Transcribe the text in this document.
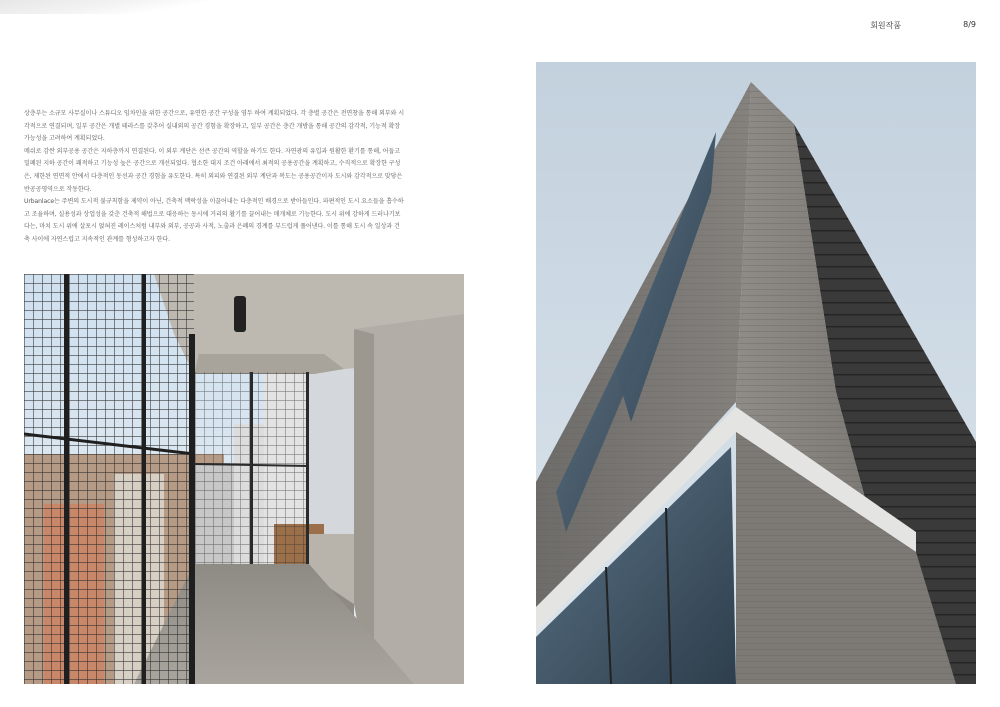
회원작품	8/9

상층부는 소규모 사무실이나 스튜디오 임차인을 위한 공간으로, 유연한 공간 구성을 염두 하여 계획되었다. 각 층별 공간은 전면창을 통해 외부와 시각적으로 연결되며, 일부 공간은 개별 테라스를 갖추어 실내외의 공간 경험을 확장하고, 일부 공간은 층간 개방을 통해 공간의 감각적, 기능적 확장 가능성을 고려하여 계획되었다.

메쉬로 감싼 외부공용 공간은 지하층까지 연결된다. 이 외부 계단은 선큰 공간의 역할을 하기도 한다. 자연광의 유입과 원활한 환기를 통해, 어둡고 밀폐된 지하 공간이 쾌적하고 기능성 높은 공간으로 개선되었다. 협소한 대지 조건 아래에서 최적의 공용공간을 계획하고, 수직적으로 확장한 구성은, 제한된 연면적 안에서 다층적인 동선과 공간 경험을 유도한다. 특히 외피와 연결된 외부 계단과 복도는 공용공간이자 도시와 감각적으로 맞닿은 반공공영역으로 작동한다.

Urbanlace는 주변의 도시적 불규칙함을 제약이 아닌, 건축적 맥락성을 이끌어내는 다층적인 배경으로 받아들인다. 파편적인 도시 요소들을 흡수하고 조율하며, 실용성과 상업성을 갖춘 건축적 해법으로 대응하는 동시에 거리의 활기를 끌어내는 매개체로 기능한다. 도시 위에 강하게 드러나기보다는, 마치 도시 위에 살포시 얹혀진 레이스처럼 내부와 외부, 공공과 사적, 노출과 은폐의 경계를 부드럽게 풀어낸다. 이를 통해 도시 속 일상과 건축 사이에 자연스럽고 지속적인 관계를 형성하고자 한다.
